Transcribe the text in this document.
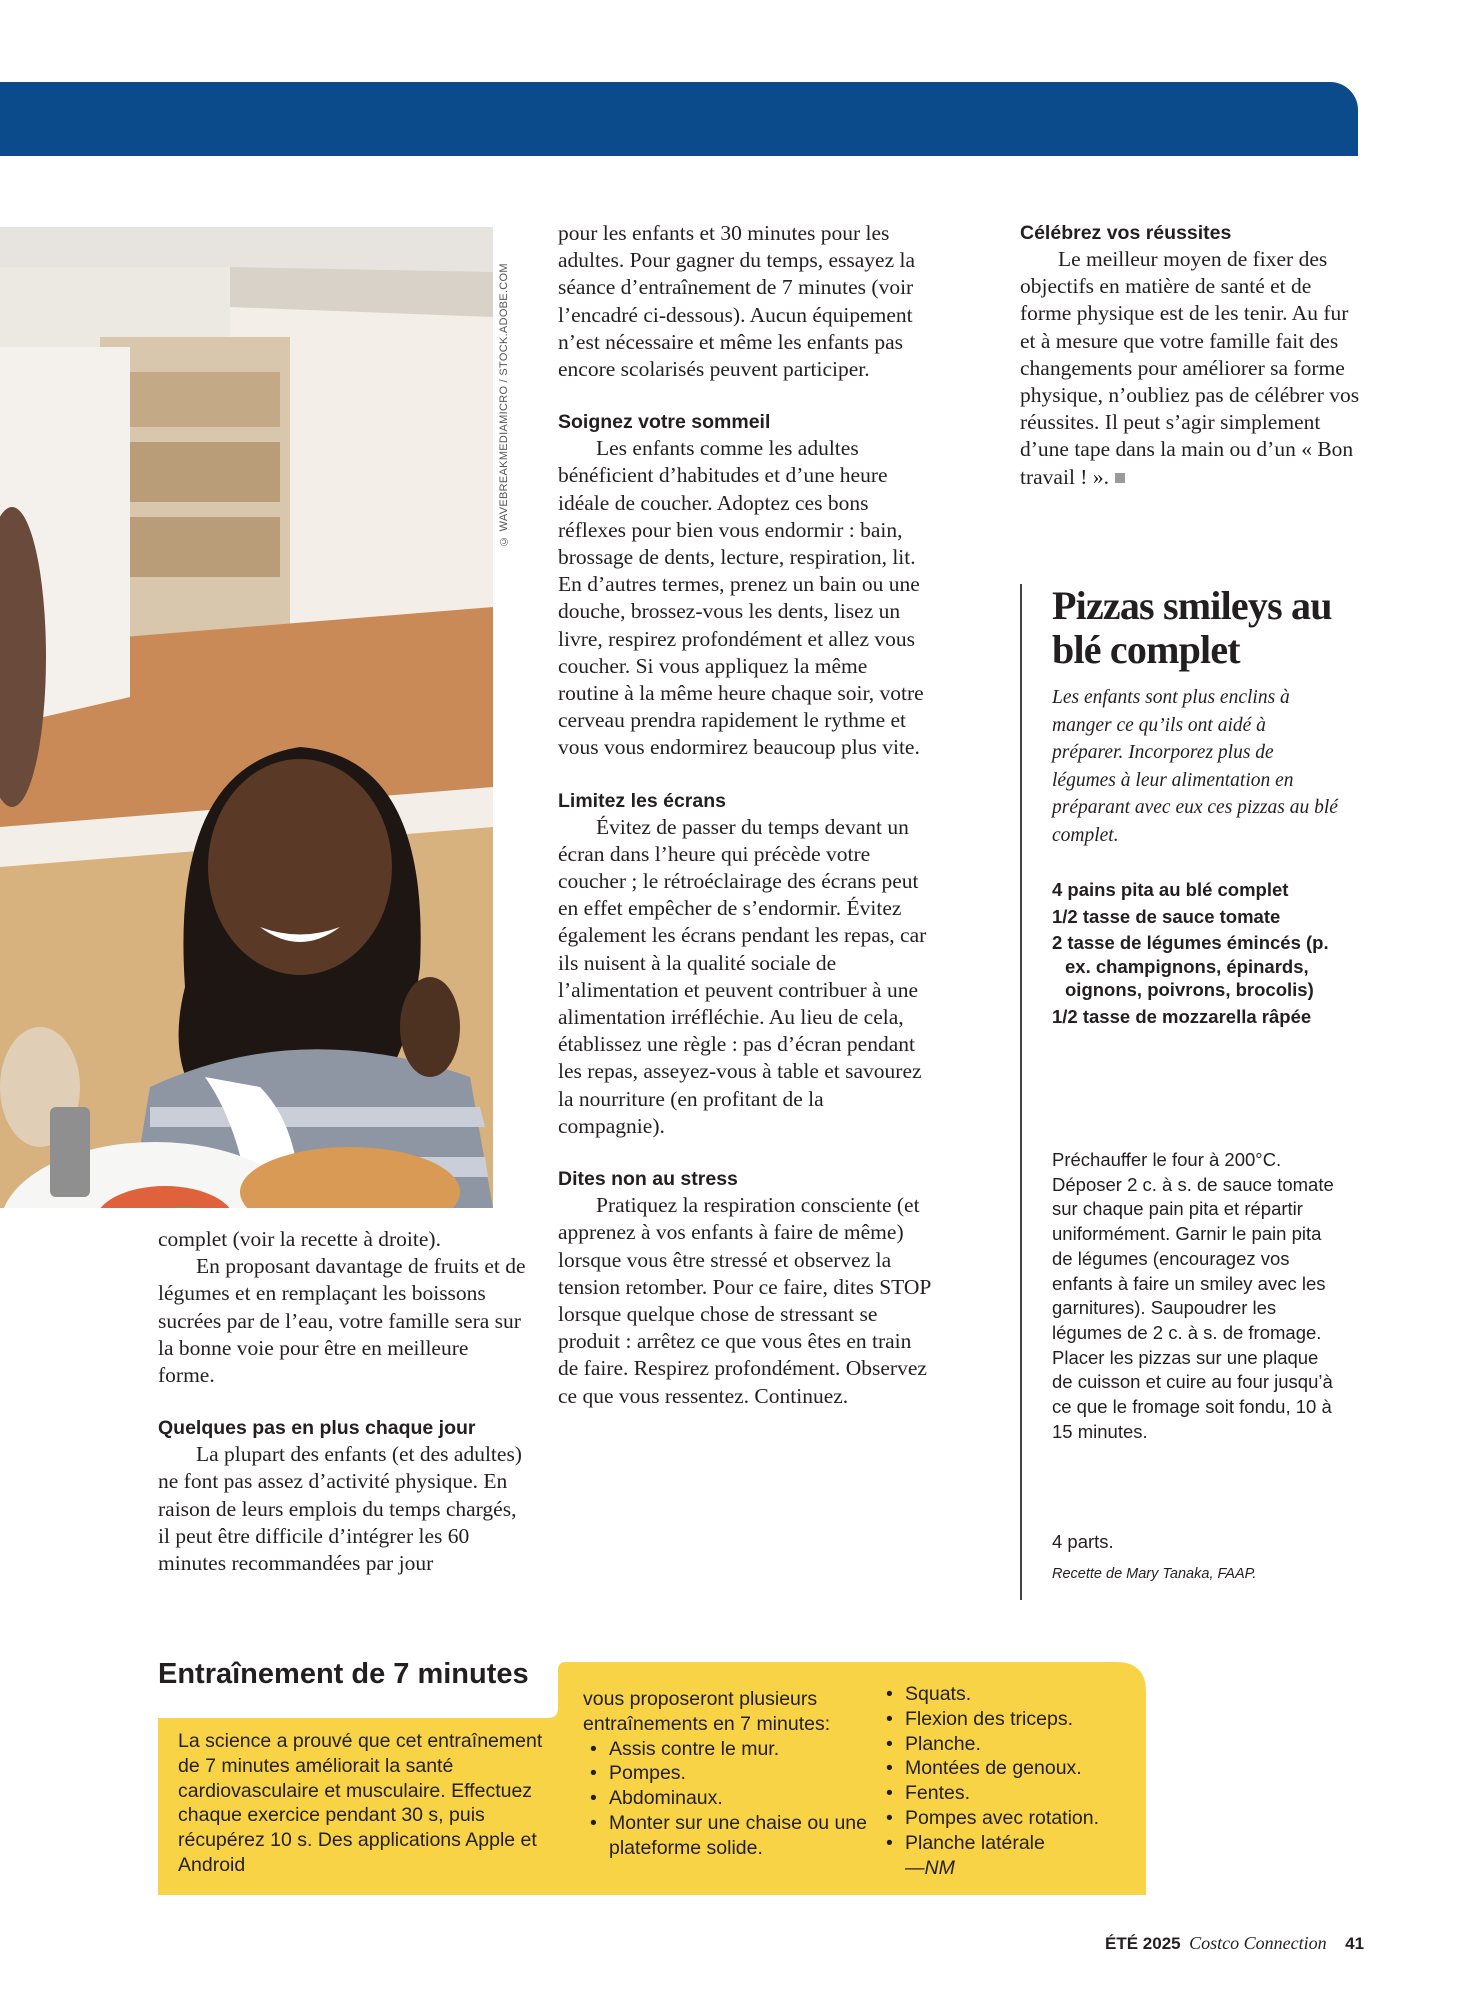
© WAVEBREAKMEDIAMICRO / STOCK.ADOBE.COM

complet (voir la recette à droite).

En proposant davantage de fruits et de légumes et en remplaçant les boissons sucrées par de l’eau, votre famille sera sur la bonne voie pour être en meilleure forme.

Quelques pas en plus chaque jour

La plupart des enfants (et des adultes) ne font pas assez d’activité physique. En raison de leurs emplois du temps chargés, il peut être difficile d’intégrer les 60 minutes recommandées par jour

pour les enfants et 30 minutes pour les adultes. Pour gagner du temps, essayez la séance d’entraînement de 7 minutes (voir l’encadré ci-dessous). Aucun équipement n’est nécessaire et même les enfants pas encore scolarisés peuvent participer.

Soignez votre sommeil

Les enfants comme les adultes bénéficient d’habitudes et d’une heure idéale de coucher. Adoptez ces bons réflexes pour bien vous endormir : bain, brossage de dents, lecture, respiration, lit. En d’autres termes, prenez un bain ou une douche, brossez-vous les dents, lisez un livre, respirez profondément et allez vous coucher. Si vous appliquez la même routine à la même heure chaque soir, votre cerveau prendra rapidement le rythme et vous vous endormirez beaucoup plus vite.

Limitez les écrans

Évitez de passer du temps devant un écran dans l’heure qui précède votre coucher ; le rétroéclairage des écrans peut en effet empêcher de s’endormir. Évitez également les écrans pendant les repas, car ils nuisent à la qualité sociale de l’alimentation et peuvent contribuer à une alimentation irréfléchie. Au lieu de cela, établissez une règle : pas d’écran pendant les repas, asseyez-vous à table et savourez la nourriture (en profitant de la compagnie).

Dites non au stress

Pratiquez la respiration consciente (et apprenez à vos enfants à faire de même) lorsque vous être stressé et observez la tension retomber. Pour ce faire, dites STOP lorsque quelque chose de stressant se produit : arrêtez ce que vous êtes en train de faire. Respirez profondément. Observez ce que vous ressentez. Continuez.

Célébrez vos réussites

Le meilleur moyen de fixer des objectifs en matière de santé et de forme physique est de les tenir. Au fur et à mesure que votre famille fait des changements pour améliorer sa forme physique, n’oubliez pas de célébrer vos réussites. Il peut s’agir simplement d’une tape dans la main ou d’un « Bon travail ! ».

Pizzas smileys au blé complet
Les enfants sont plus enclins à manger ce qu’ils ont aidé à préparer. Incorporez plus de légumes à leur alimentation en préparant avec eux ces pizzas au blé complet.

4 pains pita au blé complet

1/2 tasse de sauce tomate

2 tasse de légumes émincés (p. ex. champignons, épinards, oignons, poivrons, brocolis)

1/2 tasse de mozzarella râpée

Préchauffer le four à 200°C. Déposer 2 c. à s. de sauce tomate sur chaque pain pita et répartir uniformément. Garnir le pain pita de légumes (encouragez vos enfants à faire un smiley avec les garnitures). Saupoudrer les légumes de 2 c. à s. de fromage. Placer les pizzas sur une plaque de cuisson et cuire au four jusqu’à ce que le fromage soit fondu, 10 à 15 minutes.
4 parts.
Recette de Mary Tanaka, FAAP.
La science a prouvé que cet entraînement de 7 minutes améliorait la santé cardiovasculaire et musculaire. Effectuez chaque exercice pendant 30 s, puis récupérez 10 s. Des applications Apple et Android
vous proposeront plusieurs entraînements en 7 minutes:
• Assis contre le mur.
• Pompes.
• Abdominaux.
• Monter sur une chaise ou une plateforme solide.
• Squats.
• Flexion des triceps.
• Planche.
• Montées de genoux.
• Fentes.
• Pompes avec rotation.
• Planche latérale
—NM
Entraînement de 7 minutes
ÉTÉ 2025 Costco Connection 41
